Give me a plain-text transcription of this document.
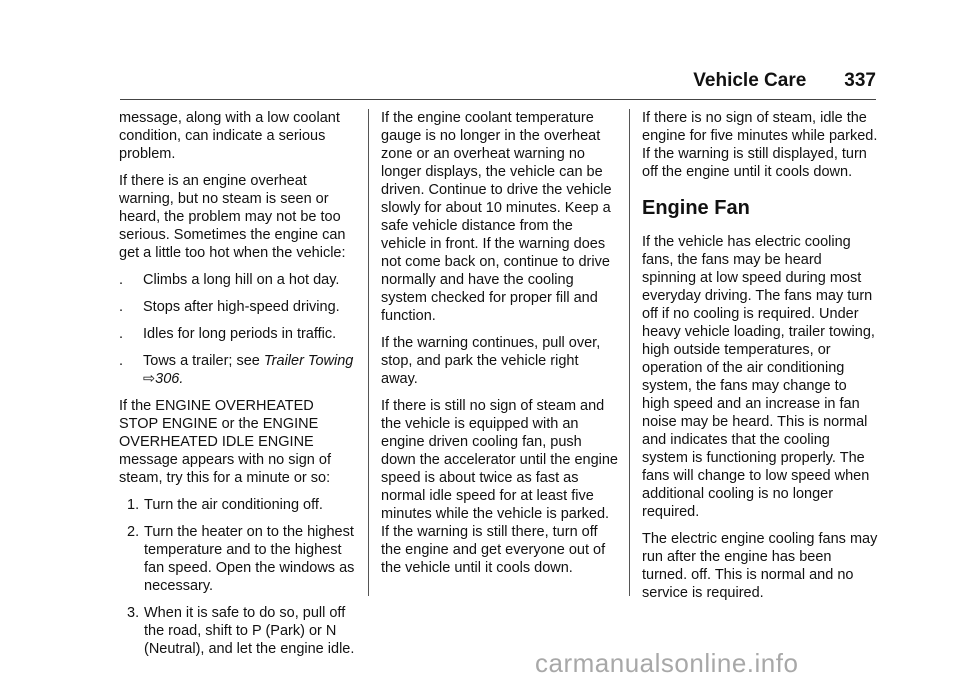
Vehicle Care 337

message, along with a low coolant condition, can indicate a serious problem.

If there is an engine overheat warning, but no steam is seen or heard, the problem may not be too serious. Sometimes the engine can get a little too hot when the vehicle:

.	Climbs a long hill on a hot day.
.	Stops after high-speed driving.
.	Idles for long periods in traffic.
.	Tows a trailer; see Trailer Towing
⇨306.

If the ENGINE OVERHEATED STOP ENGINE or the ENGINE OVERHEATED IDLE ENGINE message appears with no sign of steam, try this for a minute or so:

1. Turn the air conditioning off.
2. Turn the heater on to the highest temperature and to the highest fan speed. Open the windows as necessary.
3. When it is safe to do so, pull off the road, shift to P (Park) or N (Neutral), and let the engine idle.

If the engine coolant temperature gauge is no longer in the overheat zone or an overheat warning no longer displays, the vehicle can be driven. Continue to drive the vehicle slowly for about 10 minutes. Keep a safe vehicle distance from the vehicle in front. If the warning does not come back on, continue to drive normally and have the cooling system checked for proper fill and function.

If the warning continues, pull over, stop, and park the vehicle right away.

If there is still no sign of steam and the vehicle is equipped with an engine driven cooling fan, push down the accelerator until the engine speed is about twice as fast as normal idle speed for at least five minutes while the vehicle is parked. If the warning is still there, turn off the engine and get everyone out of the vehicle until it cools down.

If there is no sign of steam, idle the engine for five minutes while parked. If the warning is still displayed, turn off the engine until it cools down.

Engine Fan

If the vehicle has electric cooling fans, the fans may be heard spinning at low speed during most everyday driving. The fans may turn off if no cooling is required. Under heavy vehicle loading, trailer towing, high outside temperatures, or operation of the air conditioning system, the fans may change to high speed and an increase in fan noise may be heard. This is normal and indicates that the cooling system is functioning properly. The fans will change to low speed when additional cooling is no longer required.

The electric engine cooling fans may run after the engine has been turned. off. This is normal and no service is required.

carmanualsonline.info
